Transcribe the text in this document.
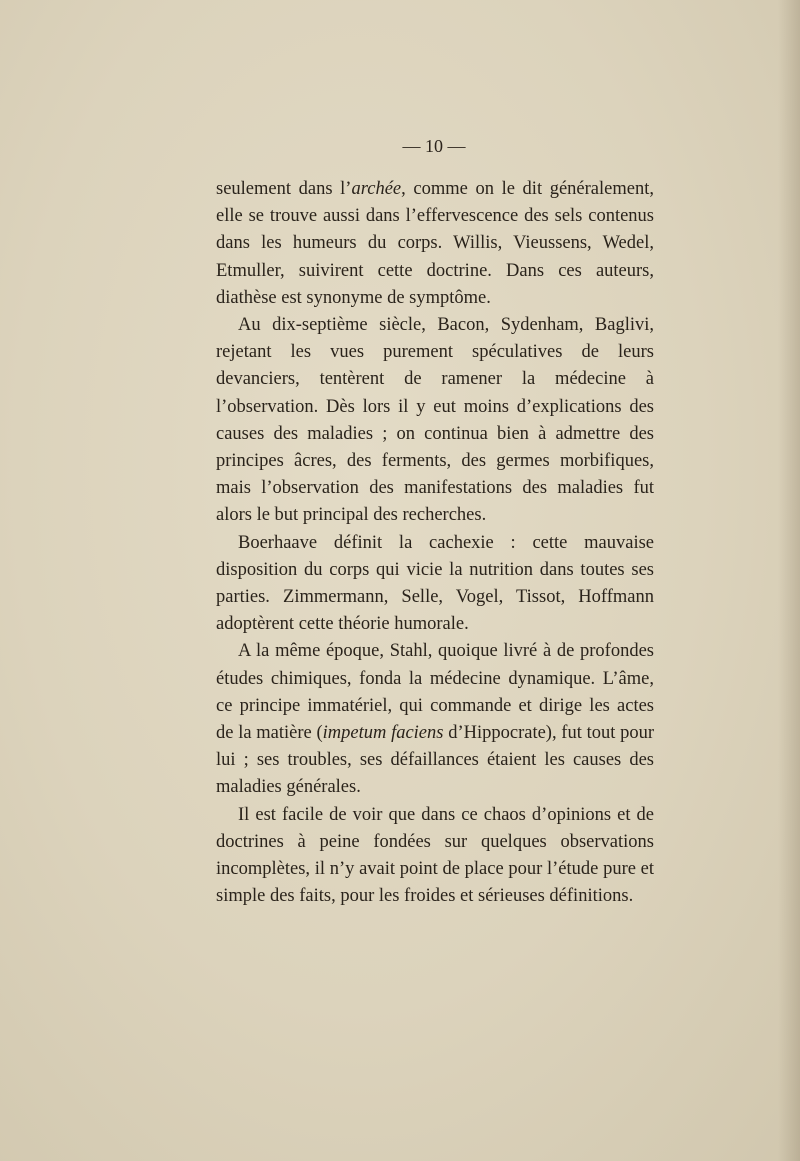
— 10 —

seulement dans l’archée, comme on le dit généralement, elle se trouve aussi dans l’effervescence des sels contenus dans les humeurs du corps. Willis, Vieussens, Wedel, Etmuller, suivirent cette doctrine. Dans ces auteurs, diathèse est synonyme de symptôme.

Au dix-septième siècle, Bacon, Sydenham, Baglivi, rejetant les vues purement spéculatives de leurs devanciers, tentèrent de ramener la médecine à l’observation. Dès lors il y eut moins d’explications des causes des maladies ; on continua bien à admettre des principes âcres, des ferments, des germes morbifiques, mais l’observation des manifestations des maladies fut alors le but principal des recherches.

Boerhaave définit la cachexie : cette mauvaise disposition du corps qui vicie la nutrition dans toutes ses parties. Zimmermann, Selle, Vogel, Tissot, Hoffmann adoptèrent cette théorie humorale.

A la même époque, Stahl, quoique livré à de profondes études chimiques, fonda la médecine dynamique. L’âme, ce principe immatériel, qui commande et dirige les actes de la matière (impetum faciens d’Hippocrate), fut tout pour lui ; ses troubles, ses défaillances étaient les causes des maladies générales.

Il est facile de voir que dans ce chaos d’opinions et de doctrines à peine fondées sur quelques observations incomplètes, il n’y avait point de place pour l’étude pure et simple des faits, pour les froides et sérieuses définitions.
